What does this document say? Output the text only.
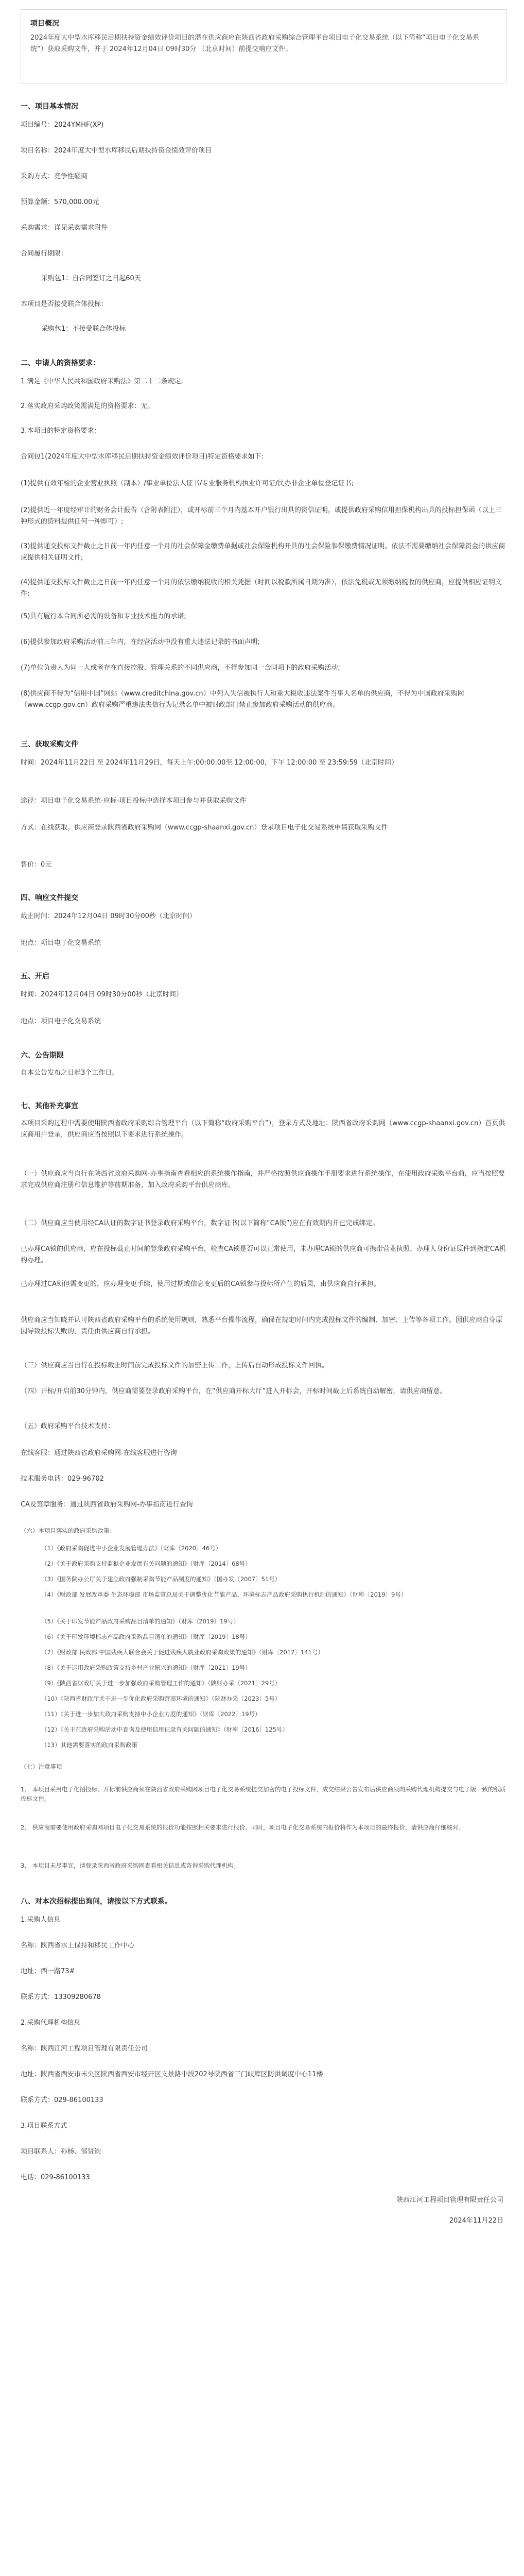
项目概况
2024年度大中型水库移民后期扶持资金绩效评价项目的潜在供应商应在陕西省政府采购综合管理平台项目电子化交易系统（以下简称“项目电子化交易系统”）获取采购文件，并于 2024年12月04日 09时30分 （北京时间）前提交响应文件。
一、项目基本情况
项目编号：2024YMHF(XP)
项目名称：2024年度大中型水库移民后期扶持资金绩效评价项目
采购方式：竞争性磋商
预算金额：570,000.00元
采购需求：详见采购需求附件
合同履行期限：
采购包1：自合同签订之日起60天
本项目是否接受联合体投标：
采购包1：不接受联合体投标
二、申请人的资格要求：
1.满足《中华人民共和国政府采购法》第二十二条规定;
2.落实政府采购政策需满足的资格要求：无。
3.本项目的特定资格要求：
合同包1(2024年度大中型水库移民后期扶持资金绩效评价项目)特定资格要求如下:
(1)提供有效年检的企业营业执照（副本）/事业单位法人证书/专业服务机构执业许可证/民办非企业单位登记证书;
(2)提供近一年度经审计的财务会计报告（含附表附注），或开标前三个月内基本开户银行出具的资信证明，或提供政府采购信用担保机构出具的投标担保函（以上三种形式的资料提供任何一种即可）;
(3)提供递交投标文件截止之日前一年内任意一个月的社会保障金缴费单据或社会保险机构开具的社会保险参保缴费情况证明。依法不需要缴纳社会保障资金的供应商应提供相关证明文件;
(4)提供递交投标文件截止之日前一年内任意一个月的依法缴纳税收的相关凭据（时间以税款所属日期为准），依法免税或无须缴纳税收的供应商，应提供相应证明文件;
(5)具有履行本合同所必需的设备和专业技术能力的承诺;
(6)提供参加政府采购活动前三年内，在经营活动中没有重大违法记录的书面声明;
(7)单位负责人为同一人或者存在直接控股、管理关系的不同供应商，不得参加同一合同项下的政府采购活动;
(8)供应商不得为“信用中国”网站（www.creditchina.gov.cn）中列入失信被执行人和重大税收违法案件当事人名单的供应商，不得为中国政府采购网（www.ccgp.gov.cn）政府采购严重违法失信行为记录名单中被财政部门禁止参加政府采购活动的供应商。
三、获取采购文件
时间：2024年11月22日 至 2024年11月29日，每天上午:00:00:00至 12:00:00，下午 12:00:00 至 23:59:59（北京时间）
途径：项目电子化交易系统-应标-项目投标中选择本项目参与并获取采购文件
方式：在线获取。供应商登录陕西省政府采购网（www.ccgp-shaanxi.gov.cn）登录项目电子化交易系统申请获取采购文件
售价：0元
四、响应文件提交
截止时间：2024年12月04日 09时30分00秒（北京时间）
地点：项目电子化交易系统
五、开启
时间：2024年12月04日 09时30分00秒（北京时间）
地点：项目电子化交易系统
六、公告期限
自本公告发布之日起3个工作日。
七、其他补充事宜
本项目采购过程中需要使用陕西省政府采购综合管理平台（以下简称“政府采购平台”），登录方式及地址：陕西省政府采购网（www.ccgp-shaanxi.gov.cn）首页供应商用户登录，供应商应当按照以下要求进行系统操作。
（一）供应商应当自行在陕西省政府采购网-办事指南查看相应的系统操作指南，并严格按照供应商操作手册要求进行系统操作，在使用政府采购平台前，应当按照要求完成供应商注册和信息维护等前期准备，加入政府采购平台供应商库。
（二）供应商应当使用经CA认证的数字证书登录政府采购平台，数字证书(以下简称“CA锁”)应在有效期内并已完成绑定。
已办理CA锁的供应商，应在投标截止时间前登录政府采购平台，检查CA锁是否可以正常使用，未办理CA锁的供应商可携带营业执照、办理人身份证原件到指定CA机构办理。
已办理过CA锁但需变更的，应办理变更手续，使用过期或信息变更后的CA锁参与投标所产生的后果，由供应商自行承担。
供应商应当知晓并认可陕西省政府采购平台的系统使用规则，熟悉平台操作流程，确保在规定时间内完成投标文件的编制、加密、上传等各项工作。因供应商自身原因导致投标失败的，责任由供应商自行承担。
（三）供应商应当自行在投标截止时间前完成投标文件的加密上传工作，上传后自动形成投标文件回执。
（四）开标/开启前30分钟内，供应商需要登录政府采购平台，在“供应商开标大厅”进入开标会，开标时间截止后系统自动解密，请供应商留意。
（五）政府采购平台技术支持：
在线客服：通过陕西省政府采购网-在线客服进行咨询
技术服务电话：029-96702
CA及签章服务：通过陕西省政府采购网-办事指南进行查询
（六）本项目落实的政府采购政策：
（1）《政府采购促进中小企业发展管理办法》（财库〔2020〕46号）
（2）《关于政府采购支持监狱企业发展有关问题的通知》（财库〔2014〕68号）
（3）《国务院办公厅关于建立政府强制采购节能产品制度的通知》（国办发〔2007〕51号）
（4）《财政部 发展改革委 生态环境部 市场监管总局关于调整优化节能产品、环境标志产品政府采购执行机制的通知》（财库〔2019〕9号）
（5）《关于印发节能产品政府采购品目清单的通知》（财库〔2019〕19号）
（6）《关于印发环境标志产品政府采购品目清单的通知》（财库〔2019〕18号）
（7）《财政部 民政部 中国残疾人联合会关于促进残疾人就业政府采购政策的通知》（财库〔2017〕141号）
（8）《关于运用政府采购政策支持乡村产业振兴的通知》（财库〔2021〕19号）
（9）《陕西省财政厅关于进一步加强政府采购管理工作的通知》（陕财办采〔2021〕29号）
（10）《陕西省财政厅关于进一步优化政府采购营商环境的通知》（陕财办采〔2023〕5号）
（11）《关于进一步加大政府采购支持中小企业力度的通知》（财库〔2022〕19号）
（12）《关于在政府采购活动中查询及使用信用记录有关问题的通知》（财库〔2016〕125号）
（13）其他需要落实的政府采购政策
（七）注意事项
1、 本项目采用电子化招投标，开标前供应商须在陕西省政府采购网项目电子化交易系统提交加密的电子投标文件，成交结果公告发布后供应商须向采购代理机构提交与电子版一致的纸质投标文件。
2、 供应商需要使用政府采购网项目电子化交易系统的报价功能按照相关要求进行报价。同时，项目电子化交易系统内报价将作为本项目的最终报价，请供应商仔细核对。
3、 本项目未尽事宜，请登录陕西省政府采购网查看相关信息或咨询采购代理机构。
八、对本次招标提出询问，请按以下方式联系。
1.采购人信息
名称：陕西省水土保持和移民工作中心
地址：西一路73#
联系方式：13309280678
2.采购代理机构信息
名称：陕西江河工程项目管理有限责任公司
地址：陕西省西安市未央区陕西省西安市经开区文景路中段202号陕西省三门峡库区防洪调度中心11楼
联系方式：029-86100133
3.项目联系方式
项目联系人：孙杨、邹贤钧
电话：029-86100133
陕西江河工程项目管理有限责任公司
2024年11月22日
